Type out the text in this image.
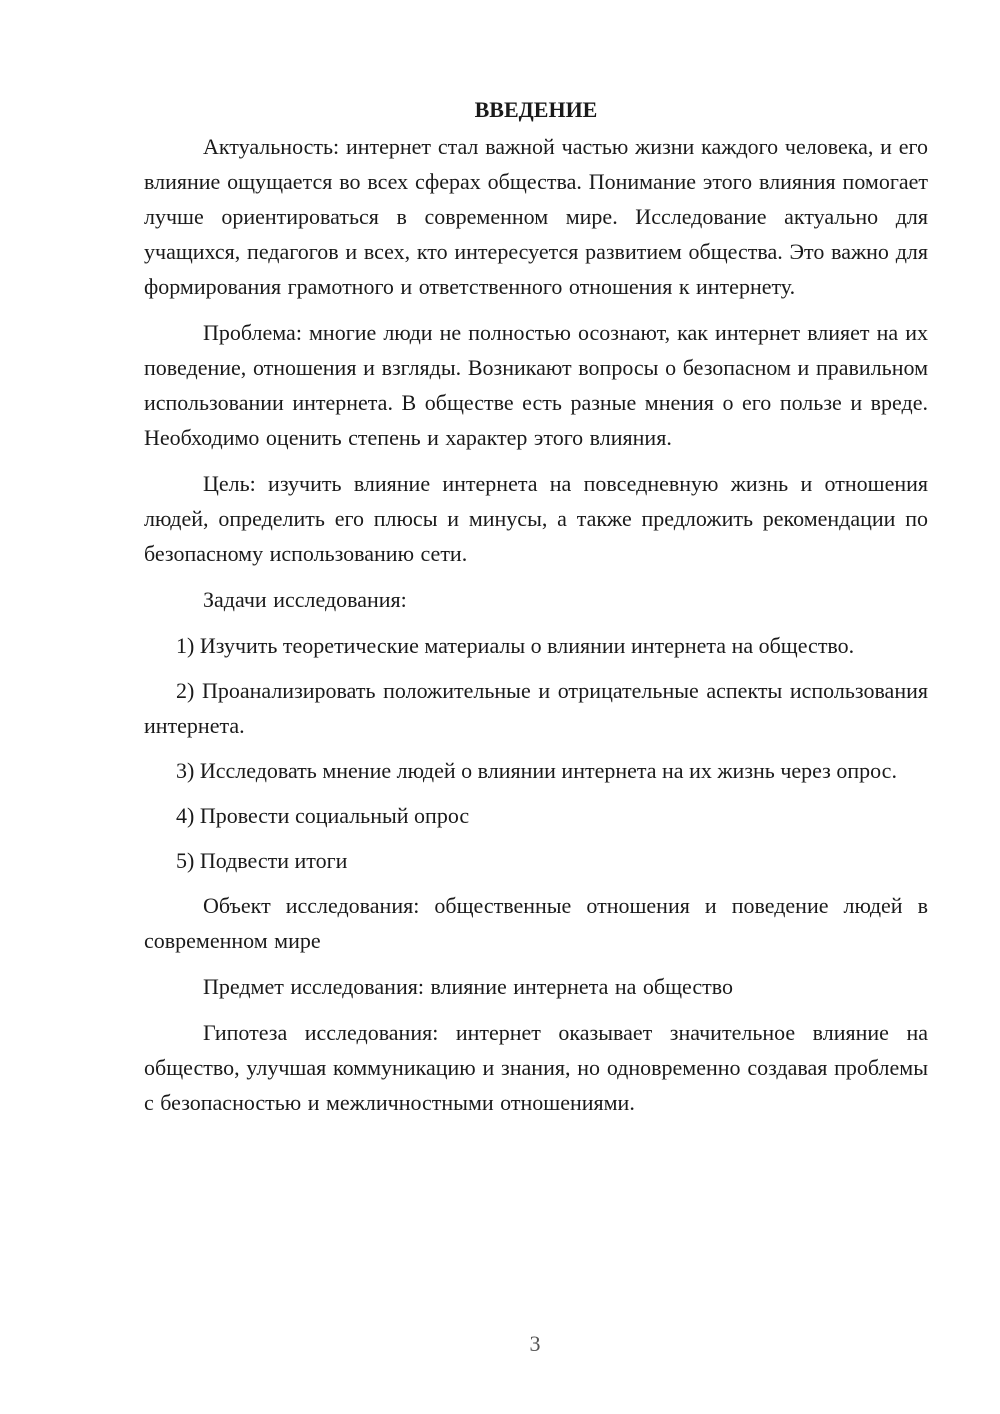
ВВЕДЕНИЕ

Актуальность: интернет стал важной частью жизни каждого человека, и его влияние ощущается во всех сферах общества. Понимание этого влияния помогает лучше ориентироваться в современном мире. Исследование актуально для учащихся, педагогов и всех, кто интересуется развитием общества. Это важно для формирования грамотного и ответственного отношения к интернету.

Проблема: многие люди не полностью осознают, как интернет влияет на их поведение, отношения и взгляды. Возникают вопросы о безопасном и правильном использовании интернета. В обществе есть разные мнения о его пользе и вреде. Необходимо оценить степень и характер этого влияния.

Цель: изучить влияние интернета на повседневную жизнь и отношения людей, определить его плюсы и минусы, а также предложить рекомендации по безопасному использованию сети.

Задачи исследования:

1) Изучить теоретические материалы о влиянии интернета на общество.

2) Проанализировать положительные и отрицательные аспекты использования интернета.

3) Исследовать мнение людей о влиянии интернета на их жизнь через опрос.

4) Провести социальный опрос

5) Подвести итоги

Объект исследования: общественные отношения и поведение людей в современном мире

Предмет исследования: влияние интернета на общество

Гипотеза исследования: интернет оказывает значительное влияние на общество, улучшая коммуникацию и знания, но одновременно создавая проблемы с безопасностью и межличностными отношениями.

3
